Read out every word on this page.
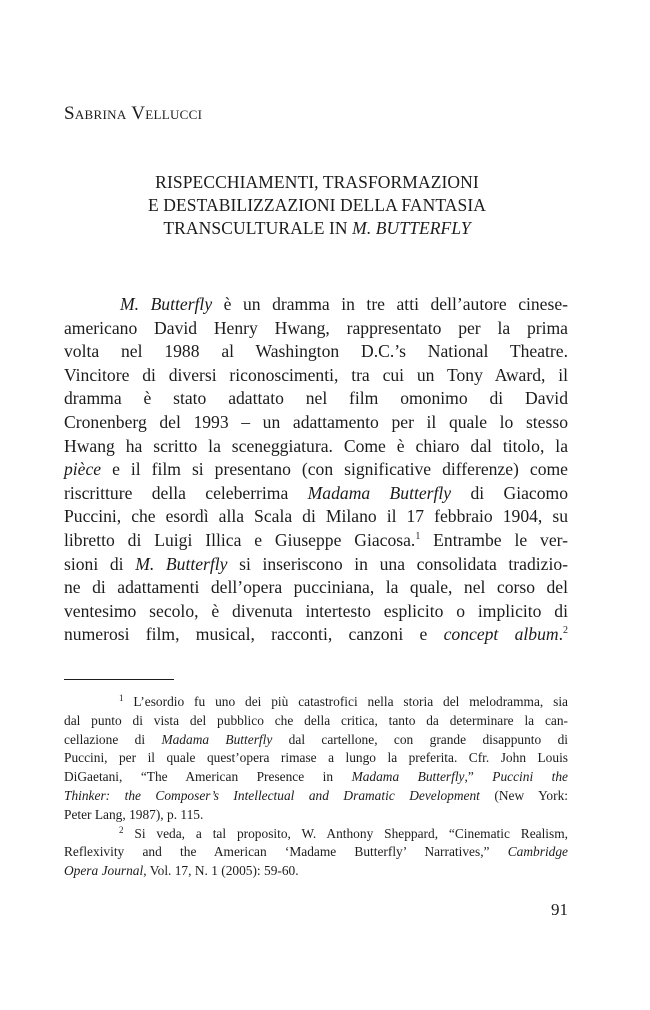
Sabrina Vellucci
RISPECCHIAMENTI, TRASFORMAZIONI
E DESTABILIZZAZIONI DELLA FANTASIA
TRANSCULTURALE IN M. BUTTERFLY
M. Butterfly è un dramma in tre atti dell’autore cinese-
americano David Henry Hwang, rappresentato per la prima
volta nel 1988 al Washington D.C.’s National Theatre.
Vincitore di diversi riconoscimenti, tra cui un Tony Award, il
dramma è stato adattato nel film omonimo di David
Cronenberg del 1993 – un adattamento per il quale lo stesso
Hwang ha scritto la sceneggiatura. Come è chiaro dal titolo, la
pièce e il film si presentano (con significative differenze) come
riscritture della celeberrima Madama Butterfly di Giacomo
Puccini, che esordì alla Scala di Milano il 17 febbraio 1904, su
libretto di Luigi Illica e Giuseppe Giacosa.$^1$ Entrambe le ver-
sioni di M. Butterfly si inseriscono in una consolidata tradizio-
ne di adattamenti dell’opera pucciniana, la quale, nel corso del
ventesimo secolo, è divenuta intertesto esplicito o implicito di
numerosi film, musical, racconti, canzoni e concept album.$^2$
$^1$ L’esordio fu uno dei più catastrofici nella storia del melodramma, sia
dal punto di vista del pubblico che della critica, tanto da determinare la can-
cellazione di Madama Butterfly dal cartellone, con grande disappunto di
Puccini, per il quale quest’opera rimase a lungo la preferita. Cfr. John Louis
DiGaetani, “The American Presence in Madama Butterfly,” Puccini the
Thinker: the Composer’s Intellectual and Dramatic Development (New York:
Peter Lang, 1987), p. 115.
$^2$ Si veda, a tal proposito, W. Anthony Sheppard, “Cinematic Realism,
Reflexivity and the American ‘Madame Butterfly’ Narratives,” Cambridge
Opera Journal, Vol. 17, N. 1 (2005): 59-60.
91
